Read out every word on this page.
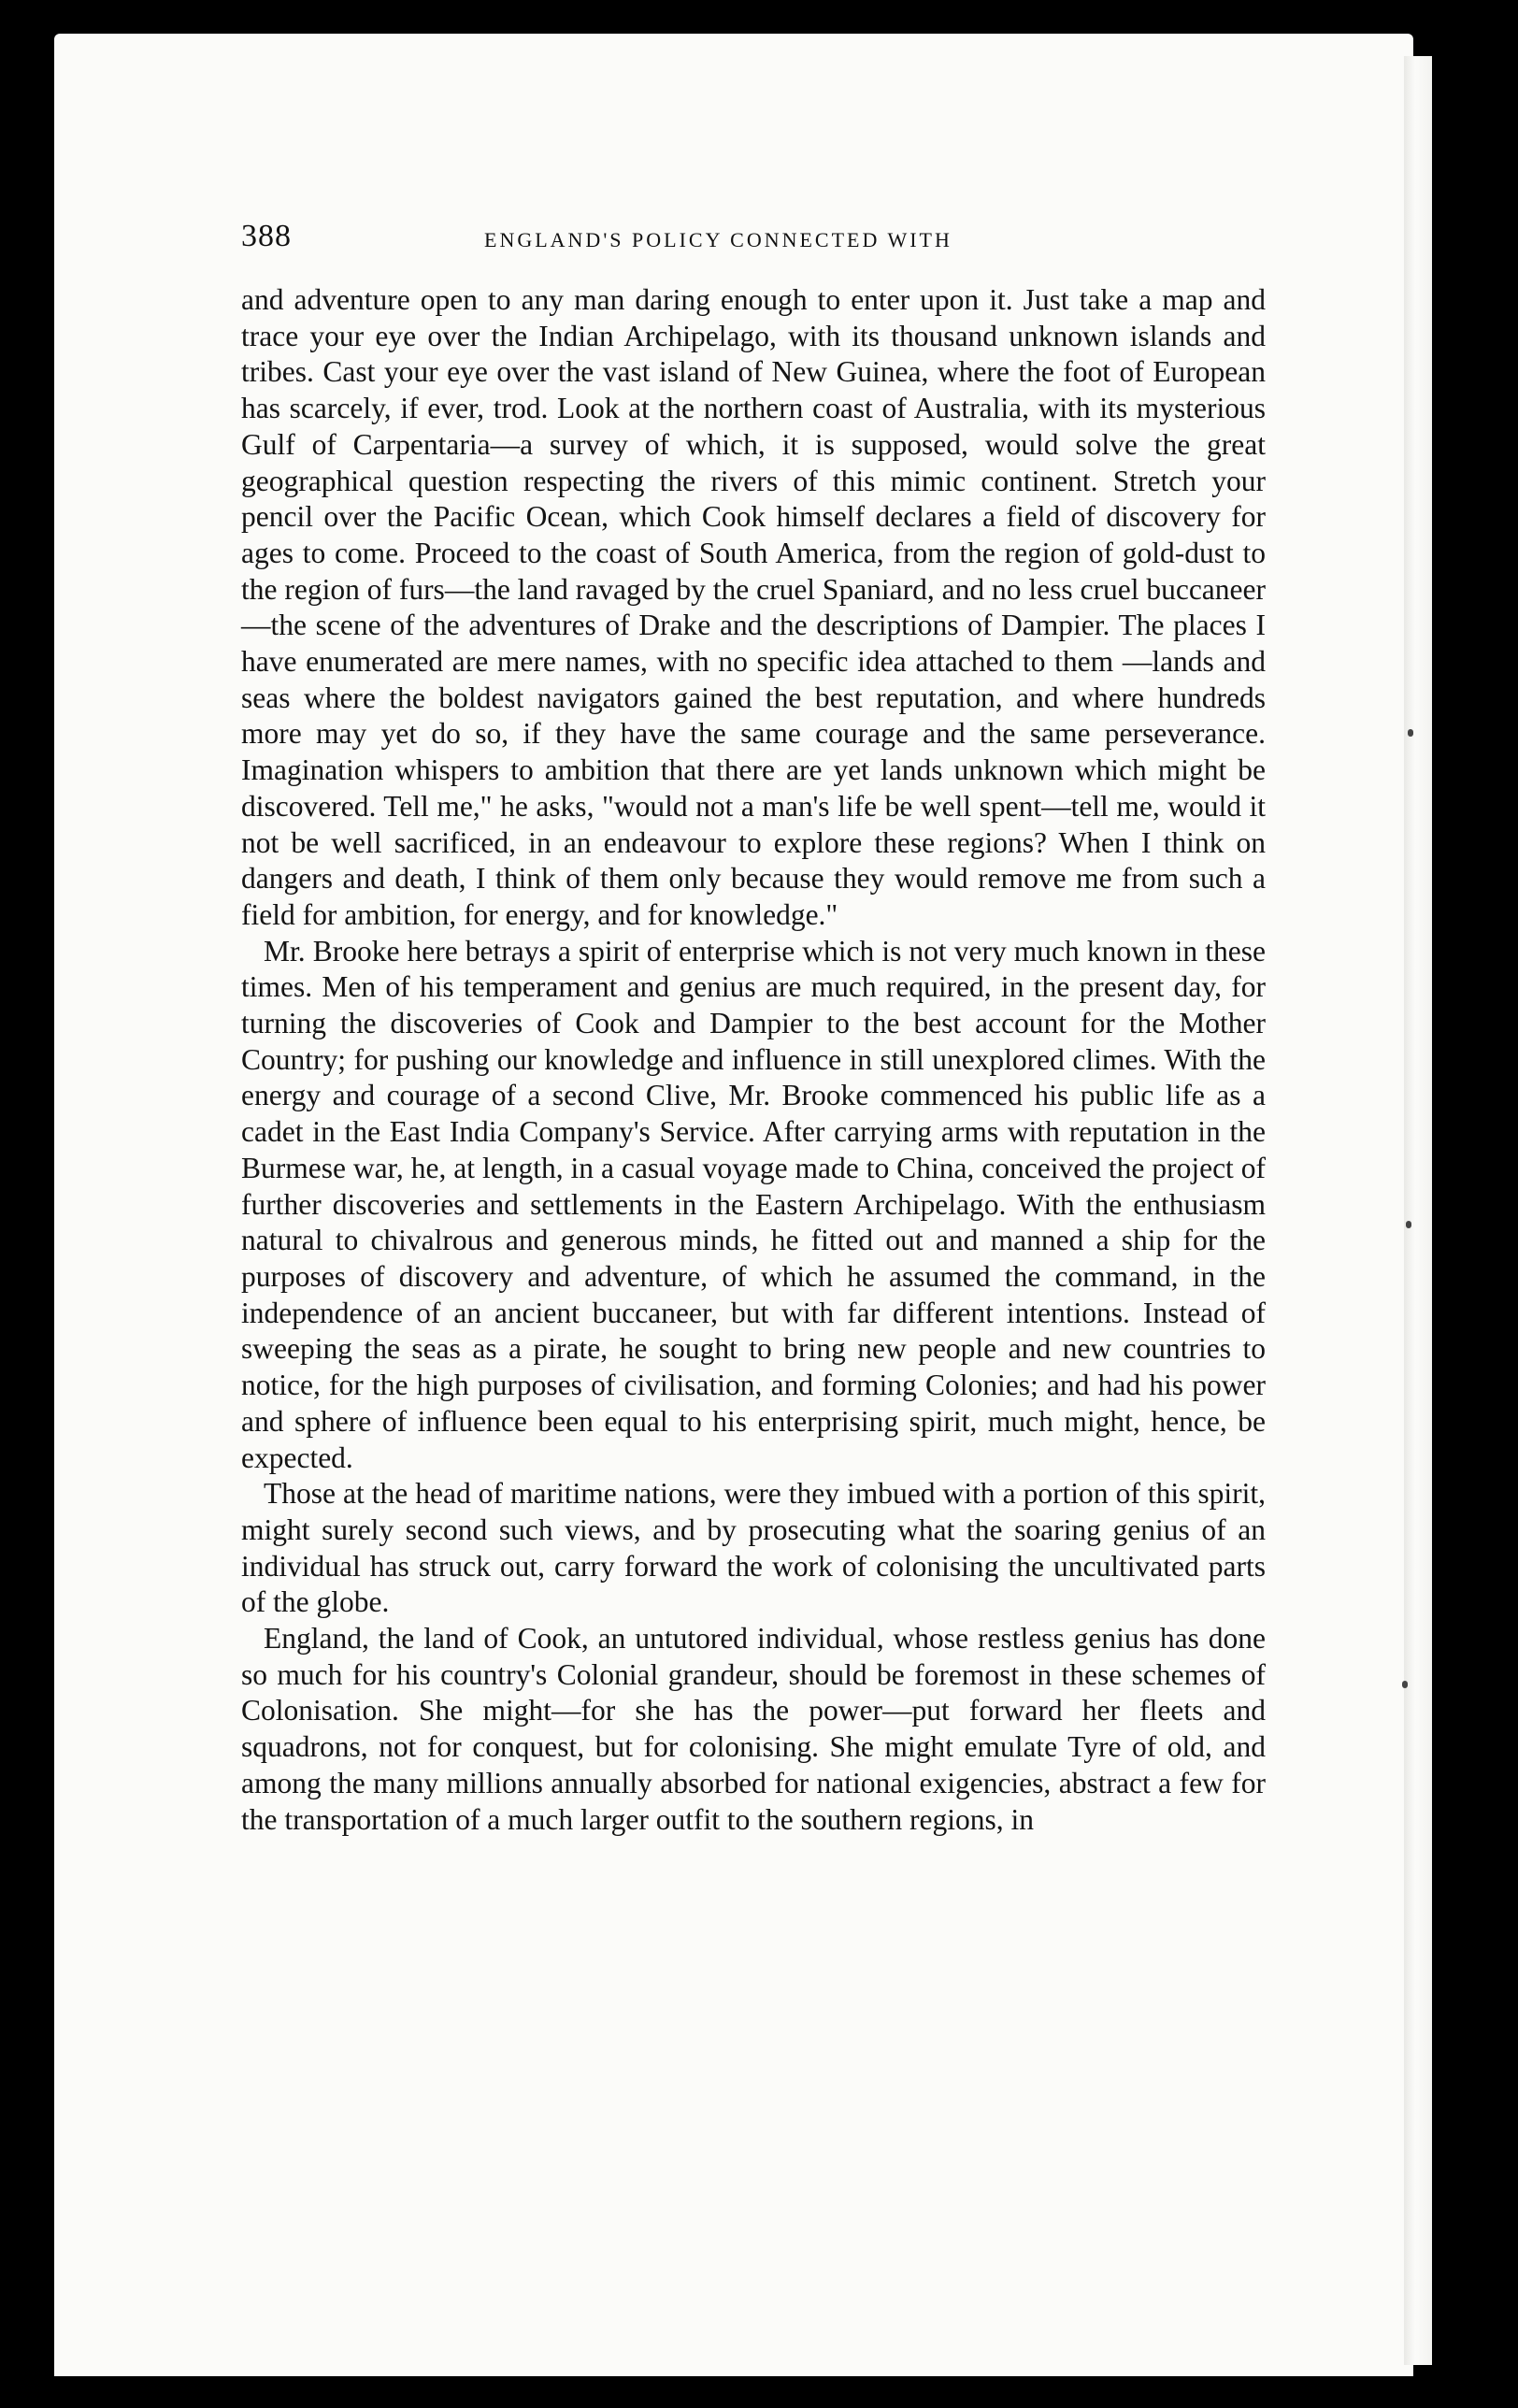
388	ENGLAND'S POLICY CONNECTED WITH

and adventure open to any man daring enough to enter upon it. Just take a map and trace your eye over the Indian Archipelago, with its thousand unknown islands and tribes. Cast your eye over the vast island of New Guinea, where the foot of European has scarcely, if ever, trod. Look at the northern coast of Australia, with its mysterious Gulf of Carpentaria—a survey of which, it is supposed, would solve the great geographical question respecting the rivers of this mimic continent. Stretch your pencil over the Pacific Ocean, which Cook himself declares a field of discovery for ages to come. Proceed to the coast of South America, from the region of gold-dust to the region of furs—the land ravaged by the cruel Spaniard, and no less cruel buccaneer—the scene of the adventures of Drake and the descriptions of Dampier. The places I have enumerated are mere names, with no specific idea attached to them —lands and seas where the boldest navigators gained the best reputation, and where hundreds more may yet do so, if they have the same courage and the same perseverance. Imagination whispers to ambition that there are yet lands unknown which might be discovered. Tell me," he asks, "would not a man's life be well spent—tell me, would it not be well sacrificed, in an endeavour to explore these regions? When I think on dangers and death, I think of them only because they would remove me from such a field for ambition, for energy, and for knowledge."

Mr. Brooke here betrays a spirit of enterprise which is not very much known in these times. Men of his temperament and genius are much required, in the present day, for turning the discoveries of Cook and Dampier to the best account for the Mother Country; for pushing our knowledge and influence in still unexplored climes. With the energy and courage of a second Clive, Mr. Brooke commenced his public life as a cadet in the East India Company's Service. After carrying arms with reputation in the Burmese war, he, at length, in a casual voyage made to China, conceived the project of further discoveries and settlements in the Eastern Archipelago. With the enthusiasm natural to chivalrous and generous minds, he fitted out and manned a ship for the purposes of discovery and adventure, of which he assumed the command, in the independence of an ancient buccaneer, but with far different intentions. Instead of sweeping the seas as a pirate, he sought to bring new people and new countries to notice, for the high purposes of civilisation, and forming Colonies; and had his power and sphere of influence been equal to his enterprising spirit, much might, hence, be expected.

Those at the head of maritime nations, were they imbued with a portion of this spirit, might surely second such views, and by prosecuting what the soaring genius of an individual has struck out, carry forward the work of colonising the uncultivated parts of the globe.

England, the land of Cook, an untutored individual, whose restless genius has done so much for his country's Colonial grandeur, should be foremost in these schemes of Colonisation. She might—for she has the power—put forward her fleets and squadrons, not for conquest, but for colonising. She might emulate Tyre of old, and among the many millions annually absorbed for national exigencies, abstract a few for the transportation of a much larger outfit to the southern regions, in
